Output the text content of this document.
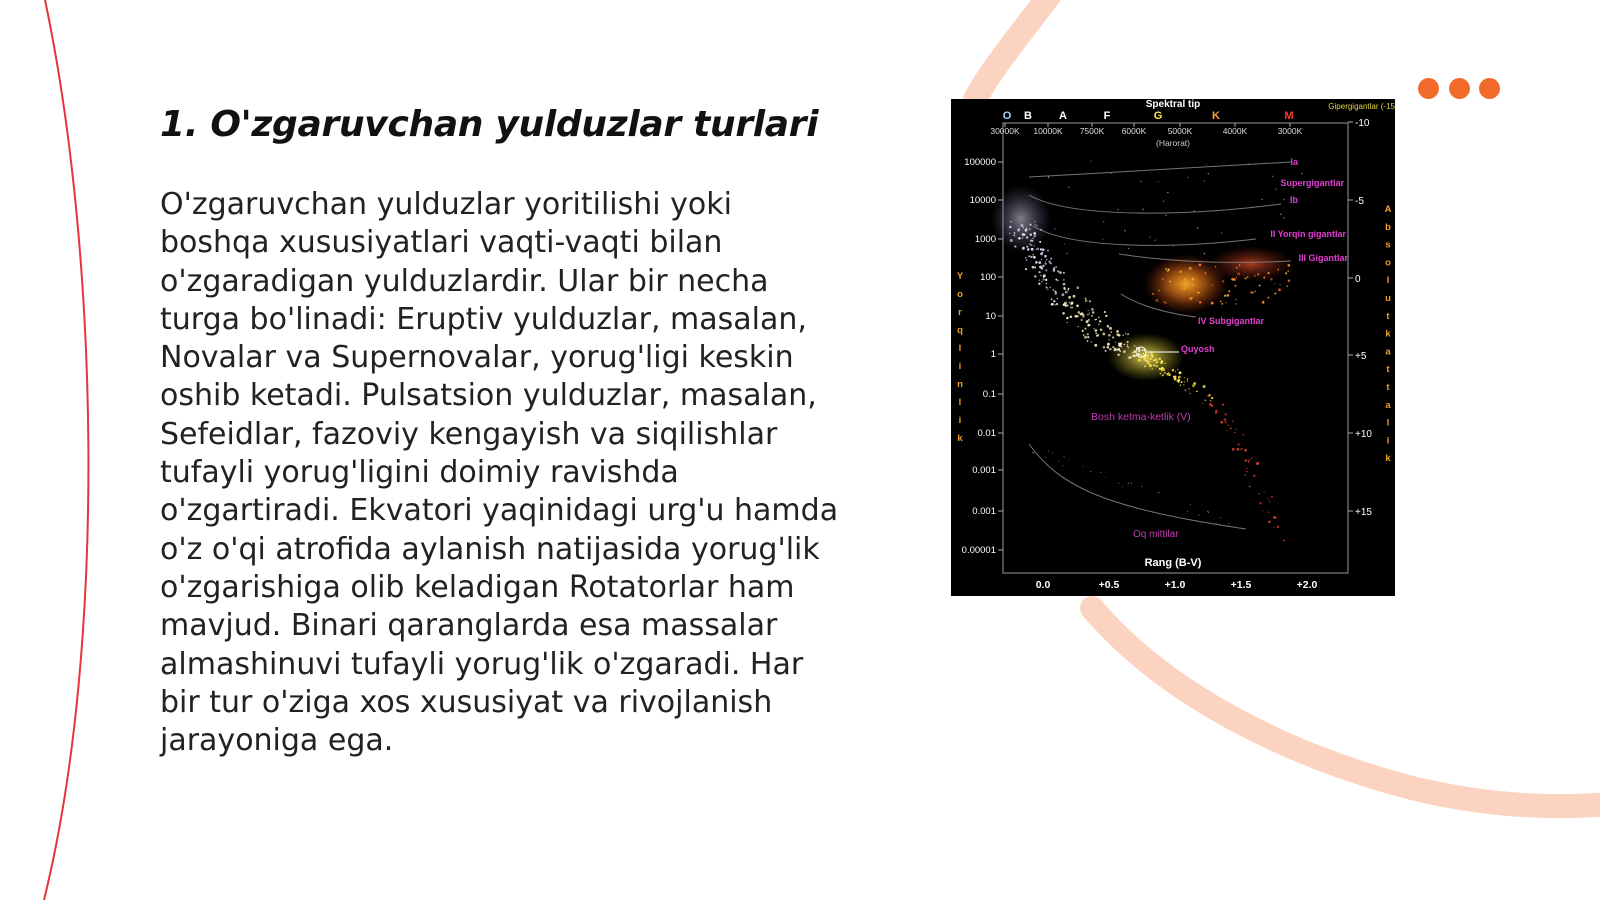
1. O'zgaruvchan yulduzlar turlari

O'zgaruvchan yulduzlar yoritilishi yoki boshqa xususiyatlari vaqti-vaqti bilan o'zgaradigan yulduzlardir. Ular bir necha turga bo'linadi: Eruptiv yulduzlar, masalan, Novalar va Supernovalar, yorug'ligi keskin oshib ketadi. Pulsatsion yulduzlar, masalan, Sefeidlar, fazoviy kengayish va siqilishlar tufayli yorug'ligini doimiy ravishda o'zgartiradi. Ekvatori yaqinidagi urg'u hamda o'z o'qi atrofida aylanish natijasida yorug'lik o'zgarishiga olib keladigan Rotatorlar ham mavjud. Binari qaranglarda esa massalar almashinuvi tufayli yorug'lik o'zgaradi. Har bir tur o'ziga xos xususiyat va rivojlanish jarayoniga ega.

Spektral tip	Gipergigantlar (-15
O B A	F	G	K	M
30000K 10000K 7500K 6000K	5000K	4000K	3000K
(Harorat)
-10
-5
0
+5
+10
+15
100000
10000
1000
100
10
1
0.1
0.01
0.001
0.001
0.00001
Y
o
r
q
l
i
n
l
i
k
A
b
s
o
l
u
t
k
a
t
t
a
l
i
k
Ia
Supergigantlar
Ib
II Yorqin gigantlar
III Gigantlar
IV Subgigantlar
Quyosh
Bosh ketma-ketlik (V)
Oq mittilar
Rang (B-V)
0.0	+0.5	+1.0	+1.5	+2.0
